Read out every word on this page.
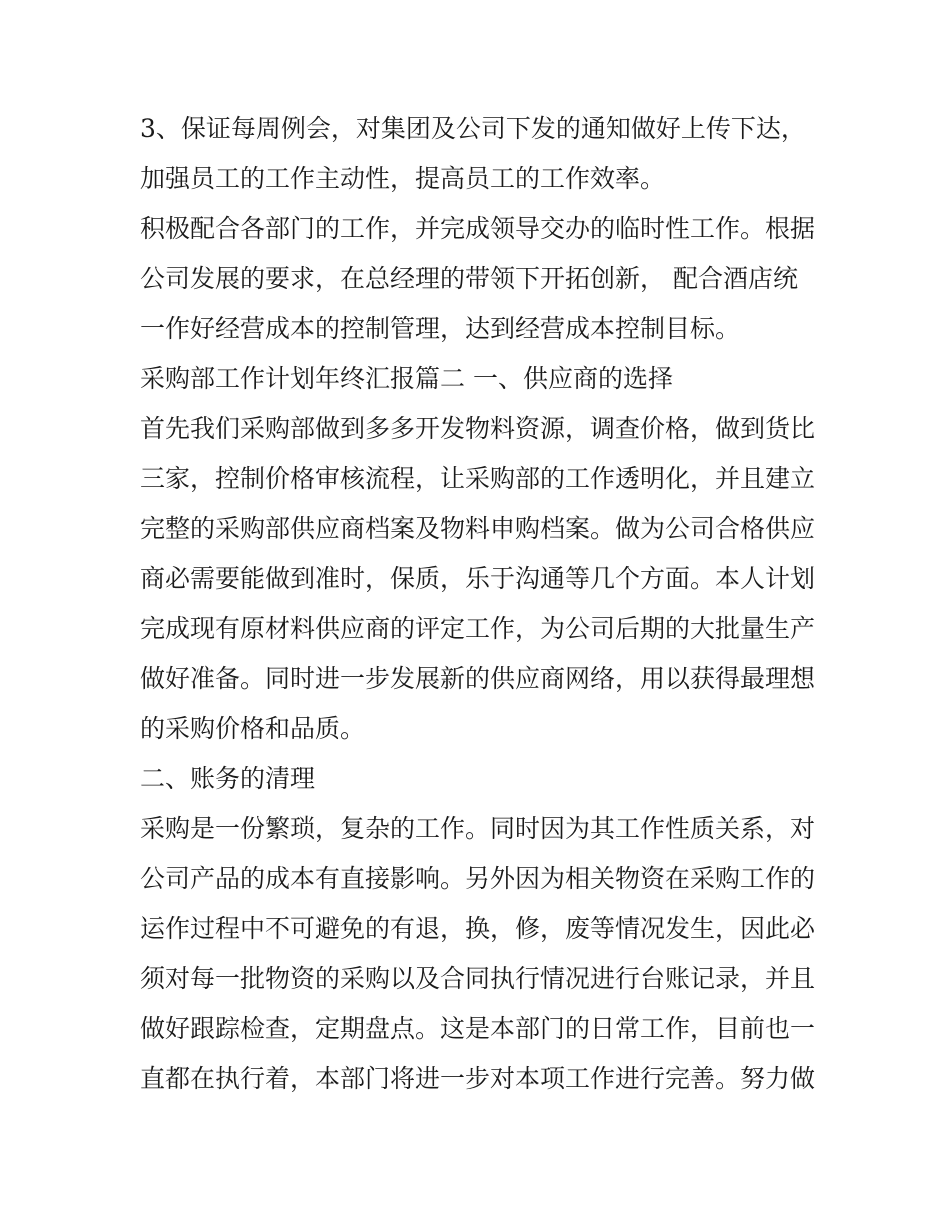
3、保证每周例会，对集团及公司下发的通知做好上传下达，
加强员工的工作主动性，提高员工的工作效率。
积极配合各部门的工作，并完成领导交办的临时性工作。根据
公司发展的要求，在总经理的带领下开拓创新， 配合酒店统
一作好经营成本的控制管理，达到经营成本控制目标。
采购部工作计划年终汇报篇二 一、供应商的选择
首先我们采购部做到多多开发物料资源，调查价格，做到货比
三家，控制价格审核流程，让采购部的工作透明化，并且建立
完整的采购部供应商档案及物料申购档案。做为公司合格供应
商必需要能做到准时，保质，乐于沟通等几个方面。本人计划
完成现有原材料供应商的评定工作，为公司后期的大批量生产
做好准备。同时进一步发展新的供应商网络，用以获得最理想
的采购价格和品质。
二、账务的清理
采购是一份繁琐，复杂的工作。同时因为其工作性质关系，对
公司产品的成本有直接影响。另外因为相关物资在采购工作的
运作过程中不可避免的有退，换，修，废等情况发生，因此必
须对每一批物资的采购以及合同执行情况进行台账记录，并且
做好跟踪检查，定期盘点。这是本部门的日常工作，目前也一
直都在执行着，本部门将进一步对本项工作进行完善。努力做
